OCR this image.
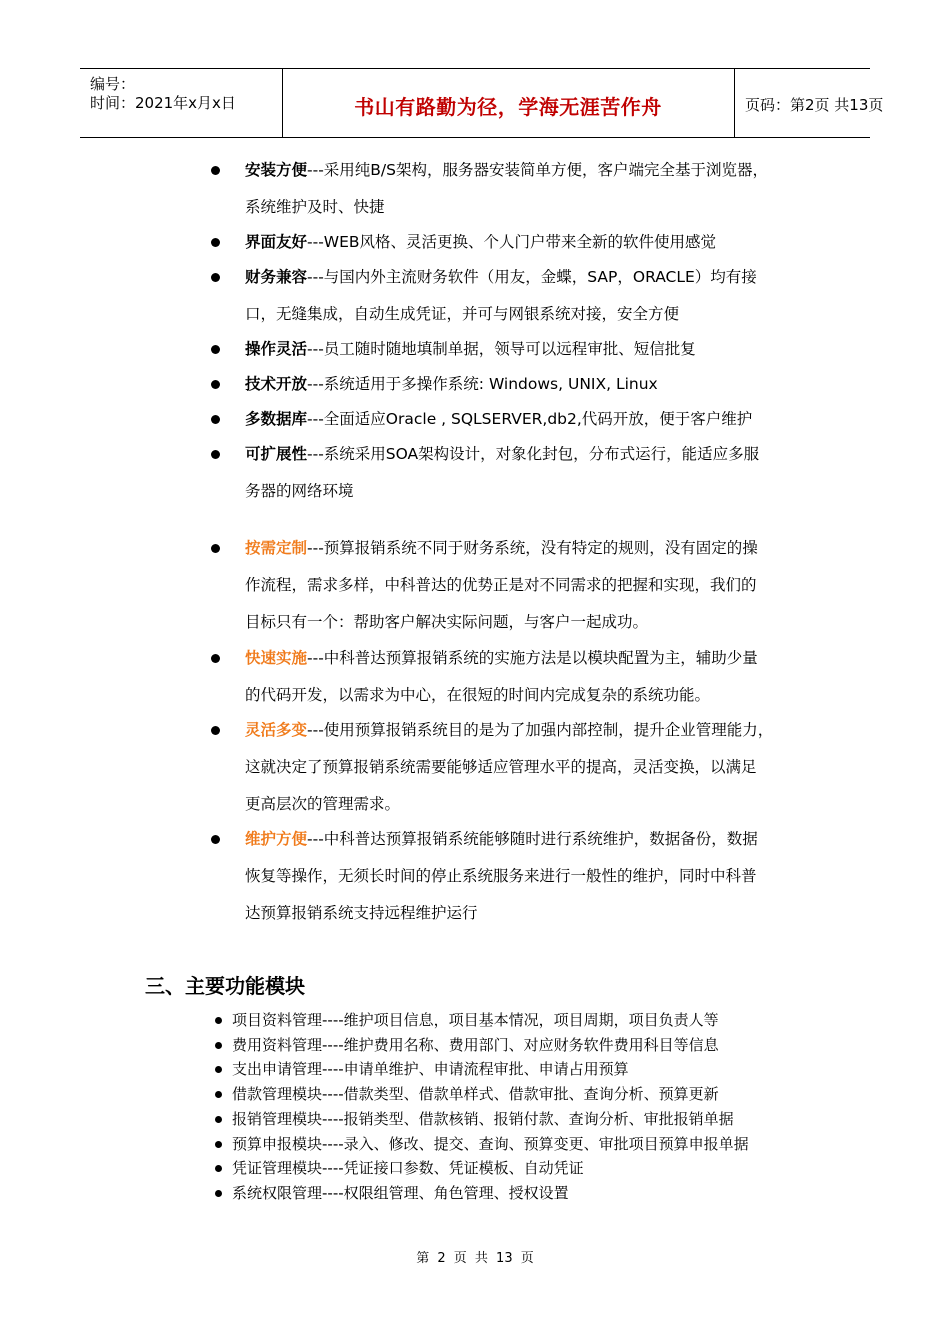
编号：
时间：2021年x月x日	书山有路勤为径，学海无涯苦作舟	页码：第2页 共13页
安装方便---采用纯B/S架构，服务器安装简单方便，客户端完全基于浏览器，
系统维护及时、快捷
界面友好---WEB风格、灵活更换、个人门户带来全新的软件使用感觉
财务兼容---与国内外主流财务软件（用友，金蝶，SAP，ORACLE）均有接
口，无缝集成，自动生成凭证，并可与网银系统对接，安全方便
操作灵活---员工随时随地填制单据，领导可以远程审批、短信批复
技术开放---系统适用于多操作系统: Windows, UNIX, Linux
多数据库---全面适应Oracle , SQLSERVER,db2,代码开放，便于客户维护
可扩展性---系统采用SOA架构设计，对象化封包，分布式运行，能适应多服
务器的网络环境
按需定制---预算报销系统不同于财务系统，没有特定的规则，没有固定的操
作流程，需求多样，中科普达的优势正是对不同需求的把握和实现，我们的
目标只有一个：帮助客户解决实际问题，与客户一起成功。
快速实施---中科普达预算报销系统的实施方法是以模块配置为主，辅助少量
的代码开发，以需求为中心，在很短的时间内完成复杂的系统功能。
灵活多变---使用预算报销系统目的是为了加强内部控制，提升企业管理能力，
这就决定了预算报销系统需要能够适应管理水平的提高，灵活变换，以满足
更高层次的管理需求。
维护方便---中科普达预算报销系统能够随时进行系统维护，数据备份，数据
恢复等操作，无须长时间的停止系统服务来进行一般性的维护，同时中科普
达预算报销系统支持远程维护运行
三、主要功能模块
项目资料管理----维护项目信息，项目基本情况，项目周期，项目负责人等
费用资料管理----维护费用名称、费用部门、对应财务软件费用科目等信息
支出申请管理----申请单维护、申请流程审批、申请占用预算
借款管理模块----借款类型、借款单样式、借款审批、查询分析、预算更新
报销管理模块----报销类型、借款核销、报销付款、查询分析、审批报销单据
预算申报模块----录入、修改、提交、查询、预算变更、审批项目预算申报单据
凭证管理模块----凭证接口参数、凭证模板、自动凭证
系统权限管理----权限组管理、角色管理、授权设置
第 2 页 共 13 页
